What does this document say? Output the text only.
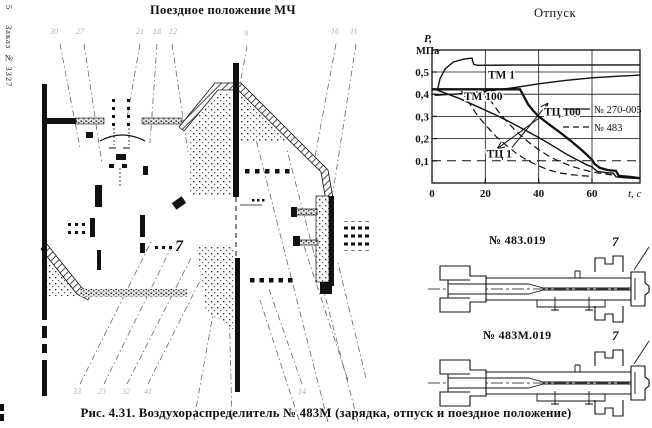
5
Заказ № 3327
Поездное положение МЧ
30 27	21 18 12	9	16 11
33 23 32 41	14
7
Отпуск
P,
МПа
0,5
0,4
0,3
0,2
0,1
0	20	40	60	t, c
ТМ 1
ТМ 100
ТЦ 100
ТЦ 1
№ 270-005
№ 483
№ 483.019	7
№ 483М.019	7
Рис. 4.31. Воздухораспределитель № 483М (зарядка, отпуск и поездное положение)
